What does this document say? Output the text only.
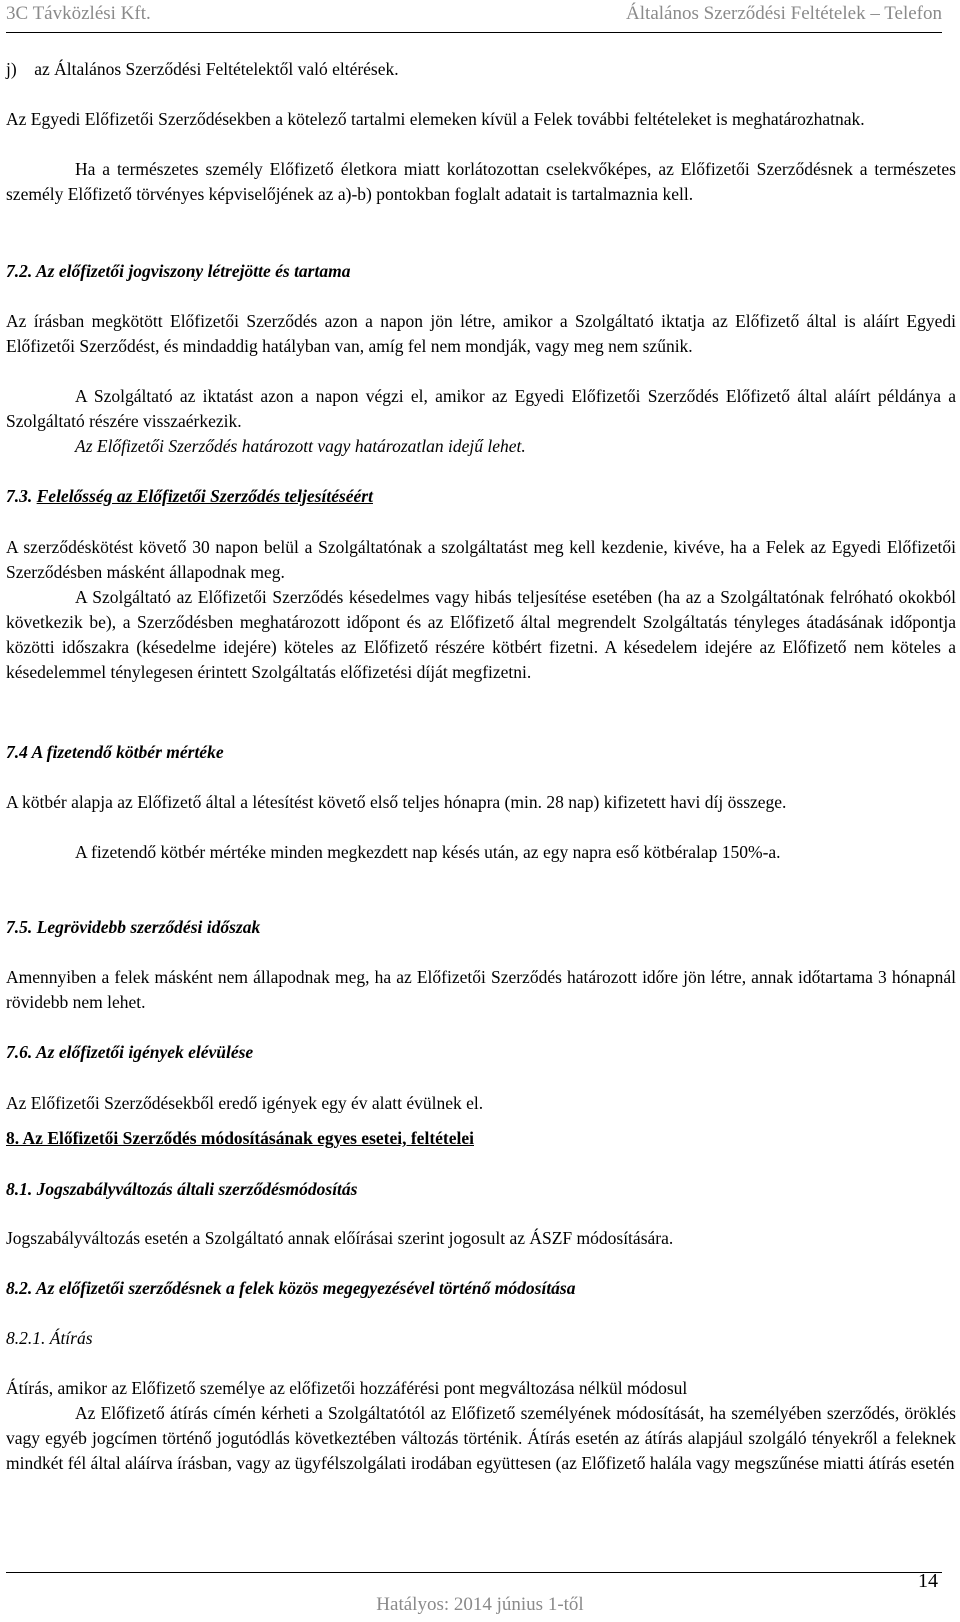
3C Távközlési Kft.	Általános Szerződési Feltételek – Telefon
j)    az Általános Szerződési Feltételektől való eltérések.
Az Egyedi Előfizetői Szerződésekben a kötelező tartalmi elemeken kívül a Felek további feltételeket is meghatározhatnak.
Ha a természetes személy Előfizető életkora miatt korlátozottan cselekvőképes, az Előfizetői Szerződésnek a természetes személy Előfizető törvényes képviselőjének az a)-b) pontokban foglalt adatait is tartalmaznia kell.
7.2. Az előfizetői jogviszony létrejötte és tartama
Az írásban megkötött Előfizetői Szerződés azon a napon jön létre, amikor a Szolgáltató iktatja az Előfizető által is aláírt Egyedi Előfizetői Szerződést, és mindaddig hatályban van, amíg fel nem mondják, vagy meg nem szűnik.
A Szolgáltató az iktatást azon a napon végzi el, amikor az Egyedi Előfizetői Szerződés Előfizető által aláírt példánya a Szolgáltató részére visszaérkezik.
Az Előfizetői Szerződés határozott vagy határozatlan idejű lehet.
7.3. Felelősség az Előfizetői Szerződés teljesítéséért
A szerződéskötést követő 30 napon belül a Szolgáltatónak a szolgáltatást meg kell kezdenie, kivéve, ha a Felek az Egyedi Előfizetői Szerződésben másként állapodnak meg.
A Szolgáltató az Előfizetői Szerződés késedelmes vagy hibás teljesítése esetében (ha az a Szolgáltatónak felróható okokból következik be), a Szerződésben meghatározott időpont és az Előfizető által megrendelt Szolgáltatás tényleges átadásának időpontja közötti időszakra (késedelme idejére) köteles az Előfizető részére kötbért fizetni. A késedelem idejére az Előfizető nem köteles a késedelemmel ténylegesen érintett Szolgáltatás előfizetési díját megfizetni.
7.4 A fizetendő kötbér mértéke
A kötbér alapja az Előfizető által a létesítést követő első teljes hónapra (min. 28 nap) kifizetett havi díj összege.
A fizetendő kötbér mértéke minden megkezdett nap késés után, az egy napra eső kötbéralap 150%-a.
7.5. Legrövidebb szerződési időszak
Amennyiben a felek másként nem állapodnak meg, ha az Előfizetői Szerződés határozott időre jön létre, annak időtartama 3 hónapnál rövidebb nem lehet.
7.6. Az előfizetői igények elévülése
Az Előfizetői Szerződésekből eredő igények egy év alatt évülnek el.
8. Az Előfizetői Szerződés módosításának egyes esetei, feltételei
8.1. Jogszabályváltozás általi szerződésmódosítás
Jogszabályváltozás esetén a Szolgáltató annak előírásai szerint jogosult az ÁSZF módosítására.
8.2. Az előfizetői szerződésnek a felek közös megegyezésével történő módosítása
8.2.1. Átírás
Átírás, amikor az Előfizető személye az előfizetői hozzáférési pont megváltozása nélkül módosul
Az Előfizető átírás címén kérheti a Szolgáltatótól az Előfizető személyének módosítását, ha személyében szerződés, öröklés vagy egyéb jogcímen történő jogutódlás következtében változás történik. Átírás esetén az átírás alapjául szolgáló tényekről a feleknek mindkét fél által aláírva írásban, vagy az ügyfélszolgálati irodában együttesen (az Előfizető halála vagy megszűnése miatti átírás esetén
14
Hatályos: 2014 június 1-től
